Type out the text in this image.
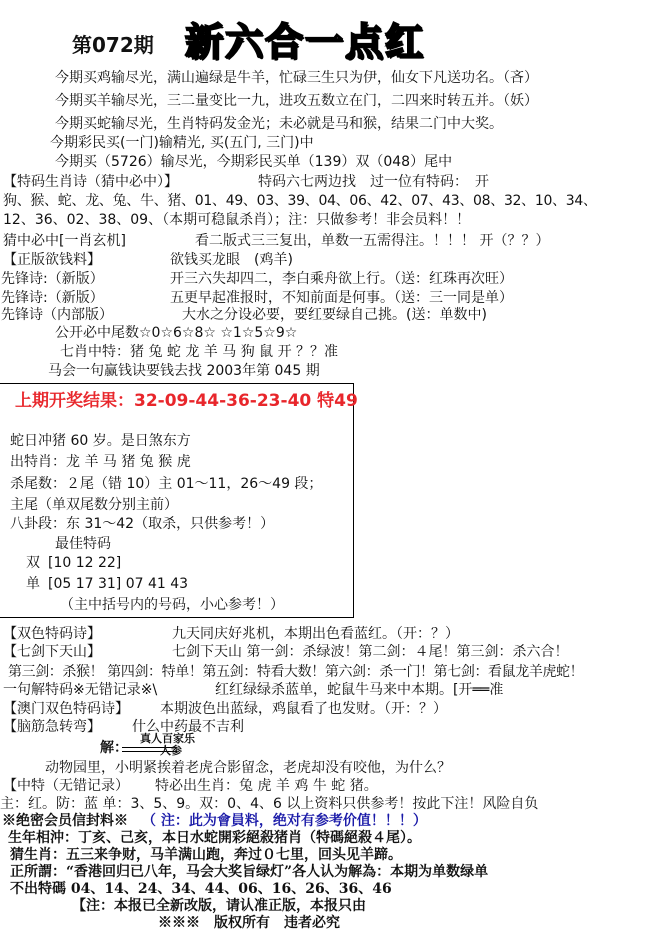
第072期 新六合一点红
今期买鸡输尽光，满山遍绿是牛羊，忙碌三生只为伊，仙女下凡送功名。（吝）
今期买羊输尽光，三二量变比一九，进攻五数立在门，二四来时转五并。（妖）
今期买蛇输尽光，生肖特码发金光；未必就是马和猴，结果二门中大奖。
今期彩民买(一门)输精光, 买(五门, 三门)中
今期买（5726）输尽光，今期彩民买单（139）双（048）尾中
【特码生肖诗（猜中必中）】	特码六七两边找　过一位有特码：　开
狗、猴、蛇、龙、兔、牛、猪、01、49、03、39、04、06、42、07、43、08、32、10、34、
12、36、02、38、09、（本期可稳鼠杀肖）；注：只做参考！非会员料！！
猜中必中[一肖玄机]	看二版式三三复出，单数一五需得注。！！！ 开（？？）
【正版欲钱料】	欲钱买龙眼　(鸡羊)
先锋诗:（新版）	开三六失却四二，李白乘舟欲上行。（送：红珠再次旺）
先锋诗:（新版）	五更早起准报时，不知前面是何事。（送：三一同是单）
先锋诗（内部版）	大水之分设必要，要红要绿自己挑。(送：单数中)
公开必中尾数☆0☆6☆8☆ ☆1☆5☆9☆
七肖中特：猪 兔 蛇 龙 羊 马 狗 鼠 开 ？？准
马会一句赢钱诀要钱去找 2003年第 045 期
上期开奖结果：32-09-44-36-23-40 特49
蛇日冲猪 60 岁。是日煞东方
出特肖：龙 羊 马 猪 兔 猴 虎
杀尾数：２尾（错 10）主 01～11，26～49 段；
主尾（单双尾数分别主前）
八卦段：东 31～42（取杀，只供参考！）
最佳特码
双 [10 12 22]
单 [05 17 31] 07 41 43
（主中括号内的号码，小心参考！）
【双色特码诗】	九天同庆好兆机，本期出色看蓝红。（开：？）
【七剑下天山】	七剑下天山 第一剑：杀绿波！第二剑：４尾！第三剑：杀六合！
第三剑：杀猴！ 第四剑：特单！第五剑：特看大数！第六剑：杀一门！第七剑：看鼠龙羊虎蛇！
一句解特码※无错记录※\	红红绿绿杀蓝单，蛇鼠牛马来中本期。[开══准
【澳门双色特码诗】 本期波色出蓝绿，鸡鼠看了也发财。（开：？）
【脑筋急转弯】 什么中药最不吉利
解：
真人百家乐
人参
动物园里，小明紧挨着老虎合影留念，老虎却没有咬他，为什么？
【中特（无错记录） 特必出生肖：兔 虎 羊 鸡 牛 蛇 猪。
主：红。防：蓝 单：3、5、9。双：0、4、6 以上资料只供参考！按此下注！风险自负
※绝密会员信封料※ （ 注：此为會員料，绝对有参考价值！！！）
生年相沖：丁亥、己亥，本日水蛇開彩絕殺猪肖（特碼絕殺４尾）。
猜生肖：五三来争财，马羊满山跑，奔过０七里，回头见羊蹄。
正所謂：“香港回归已八年，马会大奖旨绿灯”各人认为解為：本期为单数绿单
不出特碼 04、14、24、34、44、06、16、26、36、46
【注：本报已全新改版，请认准正版，本报只由
※※※　版权所有　违者必究
